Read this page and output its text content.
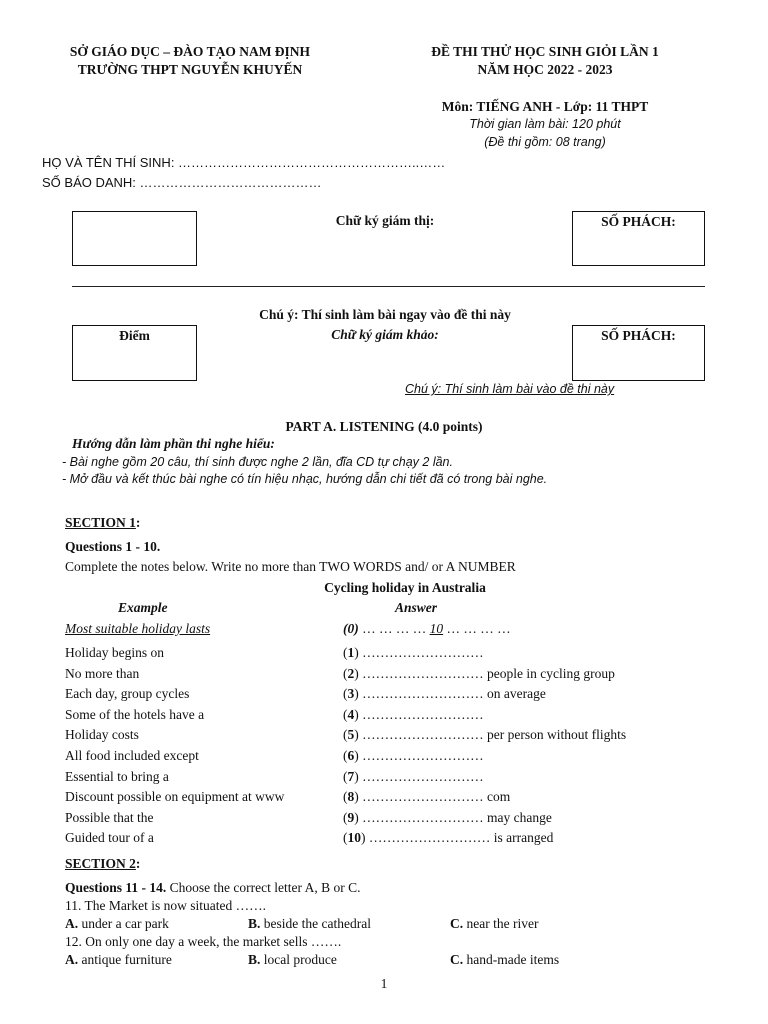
SỞ GIÁO DỤC – ĐÀO TẠO NAM ĐỊNH
TRƯỜNG THPT NGUYỄN KHUYẾN
ĐỀ THI THỬ HỌC SINH GIỎI LẦN 1
NĂM HỌC 2022 - 2023
Môn: TIẾNG ANH - Lớp: 11 THPT
Thời gian làm bài: 120 phút
(Đề thi gồm: 08 trang)
HỌ VÀ TÊN THÍ SINH: ………………………………………………..……
SỐ BÁO DANH: ……………………………………
Chữ ký giám thị:	SỐ PHÁCH:
Chú ý: Thí sinh làm bài ngay vào đề thi này
Điểm	Chữ ký giám khảo:	SỐ PHÁCH:
Chú ý: Thí sinh làm bài vào đề thi này
PART A. LISTENING (4.0 points)
Hướng dẫn làm phần thi nghe hiểu:
- Bài nghe gồm 20 câu, thí sinh được nghe 2 lần, đĩa CD tự chạy 2 lần.
- Mở đầu và kết thúc bài nghe có tín hiệu nhạc, hướng dẫn chi tiết đã có trong bài nghe.
SECTION 1:
Questions 1 - 10.
Complete the notes below. Write no more than TWO WORDS and/ or A NUMBER
Cycling holiday in Australia
Example	Answer
Most suitable holiday lasts	(0) … … … … 10 … … … …
Holiday begins on	(1) ………………………
No more than	(2) ……………………… people in cycling group
Each day, group cycles	(3) ……………………… on average
Some of the hotels have a	(4) ………………………
Holiday costs	(5) ……………………… per person without flights
All food included except	(6) ………………………
Essential to bring a	(7) ………………………
Discount possible on equipment at www	(8) ……………………… com
Possible that the	(9) ……………………… may change
Guided tour of a	(10) ……………………… is arranged
SECTION 2:
Questions 11 - 14. Choose the correct letter A, B or C.
11. The Market is now situated …….
A. under a car park	B. beside the cathedral	C. near the river
12. On only one day a week, the market sells …….
A. antique furniture	B. local produce	C. hand-made items
1
